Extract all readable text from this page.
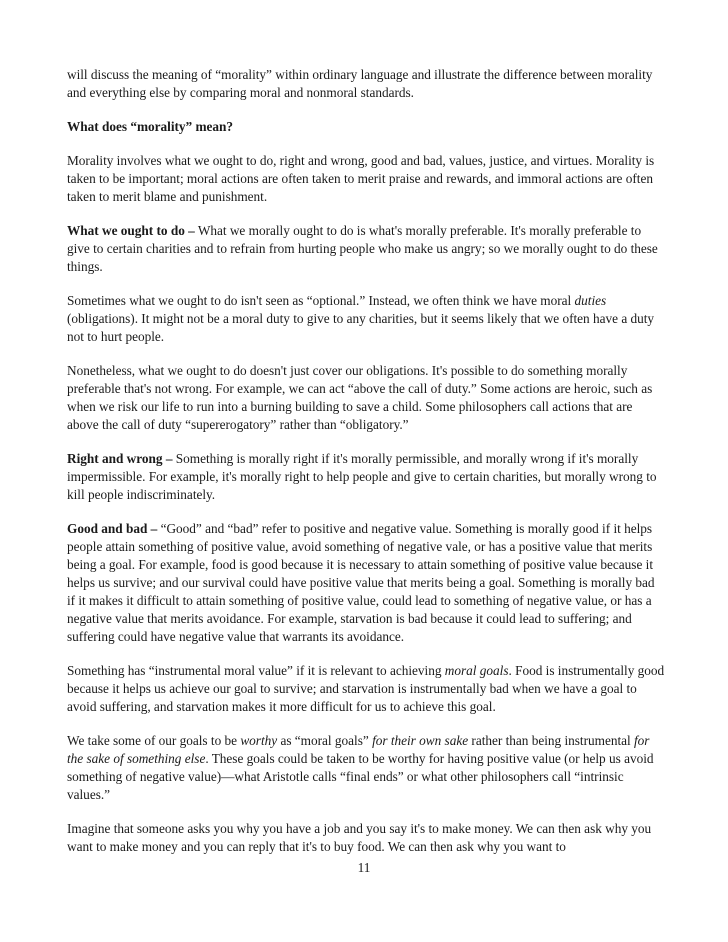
will discuss the meaning of “morality” within ordinary language and illustrate the difference between morality and everything else by comparing moral and nonmoral standards.

What does “morality” mean?

Morality involves what we ought to do, right and wrong, good and bad, values, justice, and virtues. Morality is taken to be important; moral actions are often taken to merit praise and rewards, and immoral actions are often taken to merit blame and punishment.

What we ought to do – What we morally ought to do is what's morally preferable. It's morally preferable to give to certain charities and to refrain from hurting people who make us angry; so we morally ought to do these things.

Sometimes what we ought to do isn't seen as “optional.” Instead, we often think we have moral duties (obligations). It might not be a moral duty to give to any charities, but it seems likely that we often have a duty not to hurt people.

Nonetheless, what we ought to do doesn't just cover our obligations. It's possible to do something morally preferable that's not wrong. For example, we can act “above the call of duty.” Some actions are heroic, such as when we risk our life to run into a burning building to save a child. Some philosophers call actions that are above the call of duty “supererogatory” rather than “obligatory.”

Right and wrong – Something is morally right if it's morally permissible, and morally wrong if it's morally impermissible. For example, it's morally right to help people and give to certain charities, but morally wrong to kill people indiscriminately.

Good and bad – “Good” and “bad” refer to positive and negative value. Something is morally good if it helps people attain something of positive value, avoid something of negative vale, or has a positive value that merits being a goal. For example, food is good because it is necessary to attain something of positive value because it helps us survive; and our survival could have positive value that merits being a goal. Something is morally bad if it makes it difficult to attain something of positive value, could lead to something of negative value, or has a negative value that merits avoidance. For example, starvation is bad because it could lead to suffering; and suffering could have negative value that warrants its avoidance.

Something has “instrumental moral value” if it is relevant to achieving moral goals. Food is instrumentally good because it helps us achieve our goal to survive; and starvation is instrumentally bad when we have a goal to avoid suffering, and starvation makes it more difficult for us to achieve this goal.

We take some of our goals to be worthy as “moral goals” for their own sake rather than being instrumental for the sake of something else. These goals could be taken to be worthy for having positive value (or help us avoid something of negative value)—what Aristotle calls “final ends” or what other philosophers call “intrinsic values.”

Imagine that someone asks you why you have a job and you say it's to make money. We can then ask why you want to make money and you can reply that it's to buy food. We can then ask why you want to

11
